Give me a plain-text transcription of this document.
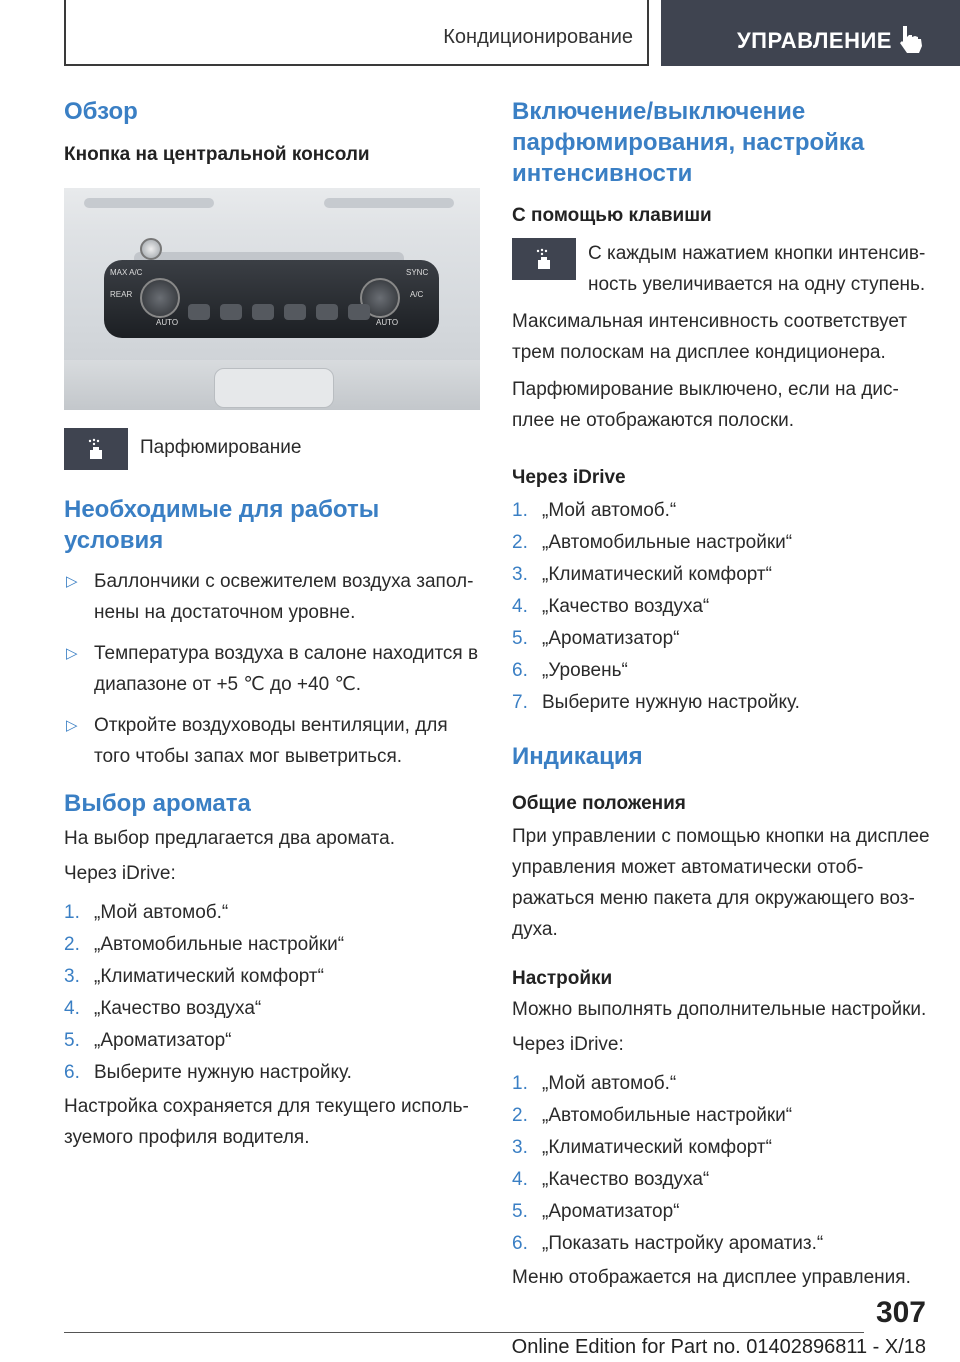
Кондиционирование	УПРАВЛЕНИЕ
Обзор
Кнопка на центральной консоли
MAX A/C
REAR
AUTO	AUTO
SYNC
A/C

Парфюмирование

Необходимые для работы условия
▷ Баллончики с освежителем воздуха заполнены на достаточном уровне.
▷ Температура воздуха в салоне находится в диапазоне от +5 ℃ до +40 ℃.
▷ Откройте воздуховоды вентиляции, для того чтобы запах мог выветриться.
Выбор аромата

На выбор предлагается два аромата.

Через iDrive:

1. „Мой автомоб.“
2. „Автомобильные настройки“
3. „Климатический комфорт“
4. „Качество воздуха“
5. „Ароматизатор“
6. Выберите нужную настройку.

Настройка сохраняется для текущего используемого профиля водителя.

Включение/выключение парфюмирования, настройка интенсивности
С помощью клавиши

С каждым нажатием кнопки интенсивность увеличивается на одну ступень.

Максимальная интенсивность соответствует трем полоскам на дисплее кондиционера.

Парфюмирование выключено, если на дисплее не отображаются полоски.

Через iDrive
1. „Мой автомоб.“
2. „Автомобильные настройки“
3. „Климатический комфорт“
4. „Качество воздуха“
5. „Ароматизатор“
6. „Уровень“
7. Выберите нужную настройку.
Индикация
Общие положения

При управлении с помощью кнопки на дисплее управления может автоматически отображаться меню пакета для окружающего воздуха.

Настройки

Можно выполнять дополнительные настройки.

Через iDrive:

1. „Мой автомоб.“
2. „Автомобильные настройки“
3. „Климатический комфорт“
4. „Качество воздуха“
5. „Ароматизатор“
6. „Показать настройку ароматиз.“

Меню отображается на дисплее управления.

307
Online Edition for Part no. 01402896811 - X/18
